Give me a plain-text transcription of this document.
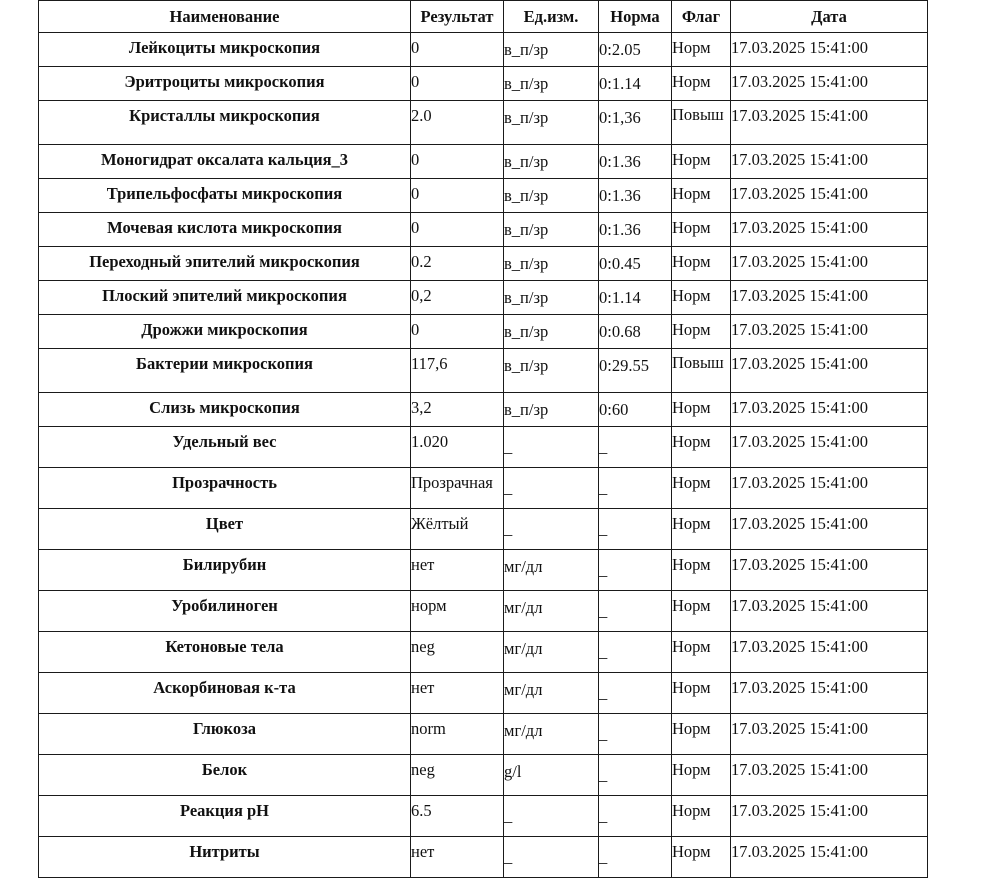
Наименование	Результат	Ед.изм.	Норма	Флаг	Дата
Лейкоциты микроскопия	0	в_п/зр	0:2.05	Норм	17.03.2025 15:41:00
Эритроциты микроскопия	0	в_п/зр	0:1.14	Норм	17.03.2025 15:41:00
Кристаллы микроскопия	2.0	в_п/зр	0:1,36	Повыш	17.03.2025 15:41:00
Моногидрат оксалата кальция_3	0	в_п/зр	0:1.36	Норм	17.03.2025 15:41:00
Трипельфосфаты микроскопия	0	в_п/зр	0:1.36	Норм	17.03.2025 15:41:00
Мочевая кислота микроскопия	0	в_п/зр	0:1.36	Норм	17.03.2025 15:41:00
Переходный эпителий микроскопия	0.2	в_п/зр	0:0.45	Норм	17.03.2025 15:41:00
Плоский эпителий микроскопия	0,2	в_п/зр	0:1.14	Норм	17.03.2025 15:41:00
Дрожжи микроскопия	0	в_п/зр	0:0.68	Норм	17.03.2025 15:41:00
Бактерии микроскопия	117,6	в_п/зр	0:29.55	Повыш	17.03.2025 15:41:00
Слизь микроскопия	3,2	в_п/зр	0:60	Норм	17.03.2025 15:41:00
Удельный вес	1.020	_	_	Норм	17.03.2025 15:41:00
Прозрачность	Прозрачная	_	_	Норм	17.03.2025 15:41:00
Цвет	Жёлтый	_	_	Норм	17.03.2025 15:41:00
Билирубин	нет	мг/дл	_	Норм	17.03.2025 15:41:00
Уробилиноген	норм	мг/дл	_	Норм	17.03.2025 15:41:00
Кетоновые тела	neg	мг/дл	_	Норм	17.03.2025 15:41:00
Аскорбиновая к-та	нет	мг/дл	_	Норм	17.03.2025 15:41:00
Глюкоза	norm	мг/дл	_	Норм	17.03.2025 15:41:00
Белок	neg	g/l	_	Норм	17.03.2025 15:41:00
Реакция pH	6.5	_	_	Норм	17.03.2025 15:41:00
Нитриты	нет	_	_	Норм	17.03.2025 15:41:00
